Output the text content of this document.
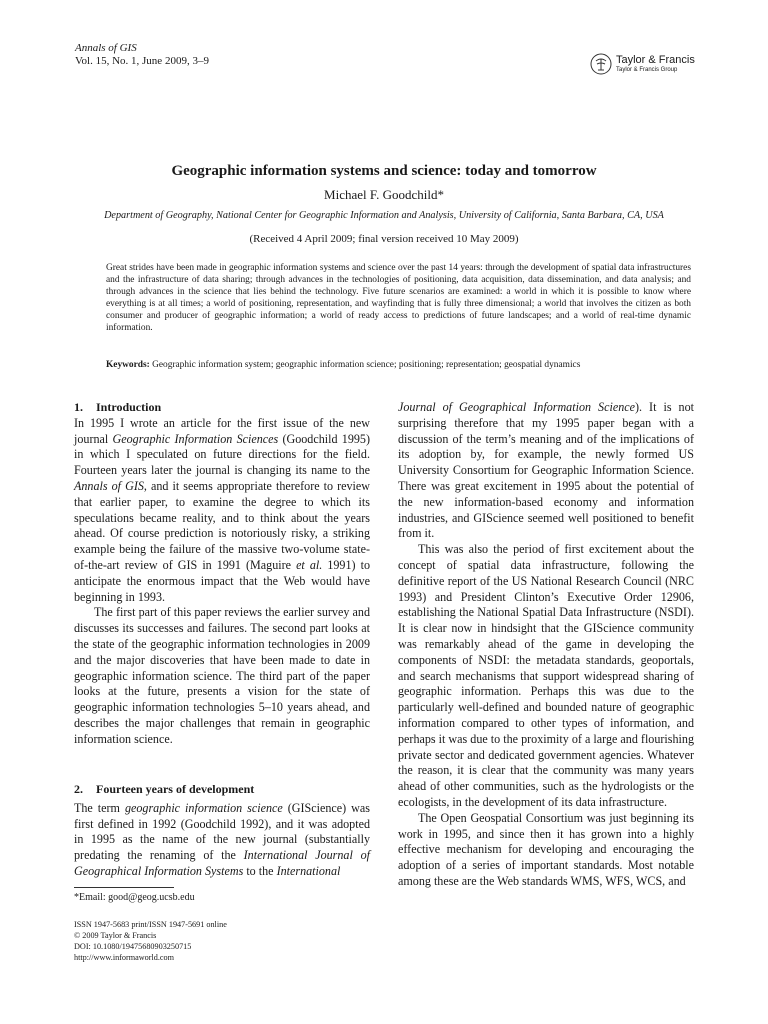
Annals of GIS
Vol. 15, No. 1, June 2009, 3–9	Taylor & Francis
Taylor & Francis Group
Geographic information systems and science: today and tomorrow
Michael F. Goodchild*
Department of Geography, National Center for Geographic Information and Analysis, University of California, Santa Barbara, CA, USA
(Received 4 April 2009; final version received 10 May 2009)
Great strides have been made in geographic information systems and science over the past 14 years: through the development of spatial data infrastructures and the infrastructure of data sharing; through advances in the technologies of positioning, data acquisition, data dissemination, and data analysis; and through advances in the science that lies behind the technology. Five future scenarios are examined: a world in which it is possible to know where everything is at all times; a world of positioning, representation, and wayfinding that is fully three dimensional; a world that involves the citizen as both consumer and producer of geographic information; a world of ready access to predictions of future landscapes; and a world of real-time dynamic information.
Keywords: Geographic information system; geographic information science; positioning; representation; geospatial dynamics
1. Introduction
In 1995 I wrote an article for the first issue of the new journal Geographic Information Sciences (Goodchild 1995) in which I speculated on future directions for the field. Fourteen years later the journal is changing its name to the Annals of GIS, and it seems appropriate therefore to review that earlier paper, to examine the degree to which its speculations became reality, and to think about the years ahead. Of course prediction is notoriously risky, a striking example being the failure of the massive two-volume state-of-the-art review of GIS in 1991 (Maguire et al. 1991) to anticipate the enormous impact that the Web would have beginning in 1993.
The first part of this paper reviews the earlier survey and discusses its successes and failures. The second part looks at the state of the geographic information technologies in 2009 and the major discoveries that have been made to date in geographic information science. The third part of the paper looks at the future, presents a vision for the state of geographic information technologies 5–10 years ahead, and describes the major challenges that remain in geographic information science.
2. Fourteen years of development
The term geographic information science (GIScience) was first defined in 1992 (Goodchild 1992), and it was adopted in 1995 as the name of the new journal (substantially predating the renaming of the International Journal of Geographical Information Systems to the International
Journal of Geographical Information Science). It is not surprising therefore that my 1995 paper began with a discussion of the term’s meaning and of the implications of its adoption by, for example, the newly formed US University Consortium for Geographic Information Science. There was great excitement in 1995 about the potential of the new information-based economy and information industries, and GIScience seemed well positioned to benefit from it.
This was also the period of first excitement about the concept of spatial data infrastructure, following the definitive report of the US National Research Council (NRC 1993) and President Clinton’s Executive Order 12906, establishing the National Spatial Data Infrastructure (NSDI). It is clear now in hindsight that the GIScience community was remarkably ahead of the game in developing the components of NSDI: the metadata standards, geoportals, and search mechanisms that support widespread sharing of geographic information. Perhaps this was due to the particularly well-defined and bounded nature of geographic information compared to other types of information, and perhaps it was due to the proximity of a large and flourishing private sector and dedicated government agencies. Whatever the reason, it is clear that the community was many years ahead of other communities, such as the hydrologists or the ecologists, in the development of its data infrastructure.
The Open Geospatial Consortium was just beginning its work in 1995, and since then it has grown into a highly effective mechanism for developing and encouraging the adoption of a series of important standards. Most notable among these are the Web standards WMS, WFS, WCS, and
*Email: good@geog.ucsb.edu
ISSN 1947-5683 print/ISSN 1947-5691 online
© 2009 Taylor & Francis
DOI: 10.1080/19475680903250715
http://www.informaworld.com
